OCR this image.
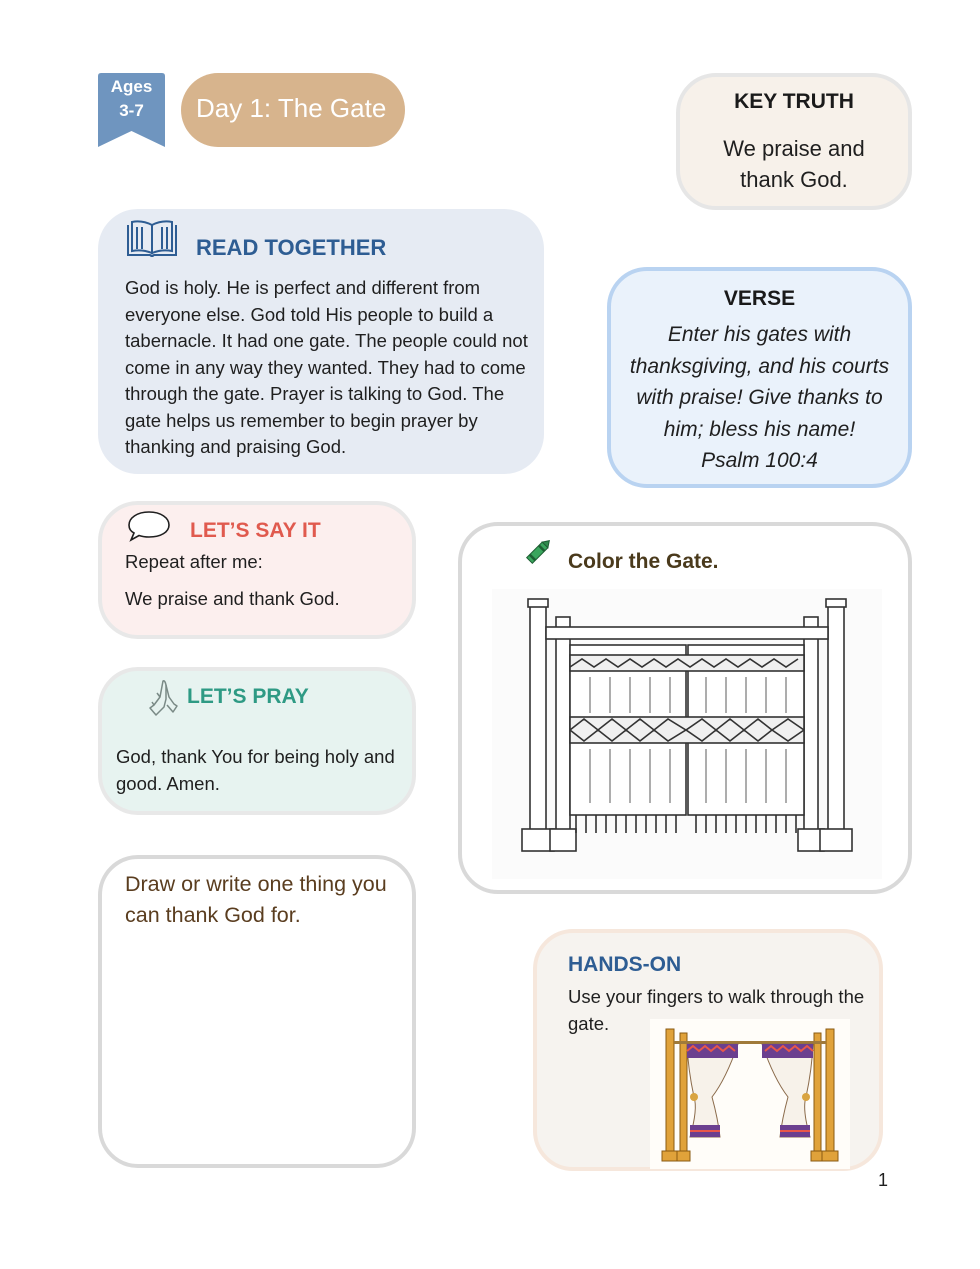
Ages
3-7	Day 1: The Gate	KEY TRUTH
We praise and thank God.
READ TOGETHER
God is holy. He is perfect and different from everyone else. God told His people to build a tabernacle. It had one gate. The people could not come in any way they wanted. They had to come through the gate. Prayer is talking to God. The gate helps us remember to begin prayer by thanking and praising God.
VERSE
Enter his gates with thanksgiving, and his courts with praise! Give thanks to him; bless his name!
Psalm 100:4
LET’S SAY IT
Repeat after me:
We praise and thank God.
LET’S PRAY
God, thank You for being holy and good. Amen.
Draw or write one thing you can thank God for.
Color the Gate.
HANDS-ON
Use your fingers to walk through the gate.
1
